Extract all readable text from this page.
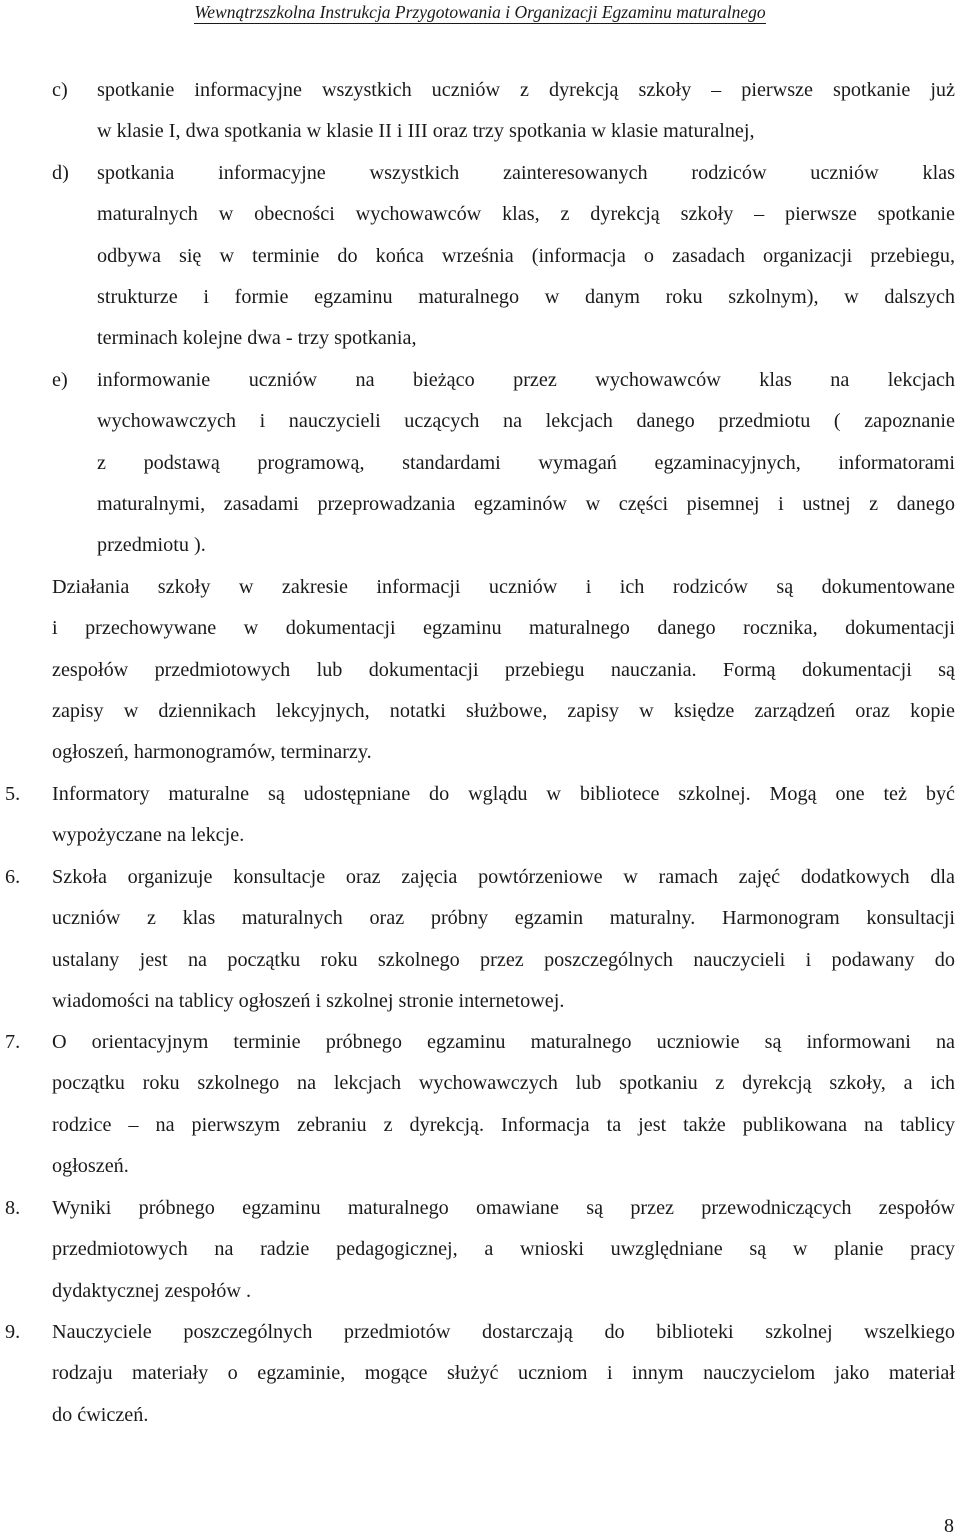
Wewnątrzszkolna Instrukcja Przygotowania i Organizacji Egzaminu maturalnego
c) spotkanie informacyjne wszystkich uczniów z dyrekcją szkoły – pierwsze spotkanie już
w klasie I, dwa spotkania w klasie II i III oraz trzy spotkania w klasie maturalnej,
d) spotkania informacyjne wszystkich zainteresowanych rodziców uczniów klas
maturalnych w obecności wychowawców klas, z dyrekcją szkoły – pierwsze spotkanie
odbywa się w terminie do końca września (informacja o zasadach organizacji przebiegu,
strukturze i formie egzaminu maturalnego w danym roku szkolnym), w dalszych
terminach kolejne dwa - trzy spotkania,
e) informowanie uczniów na bieżąco przez wychowawców klas na lekcjach
wychowawczych i nauczycieli uczących na lekcjach danego przedmiotu ( zapoznanie
z podstawą programową, standardami wymagań egzaminacyjnych, informatorami
maturalnymi, zasadami przeprowadzania egzaminów w części pisemnej i ustnej z danego
przedmiotu ).
Działania szkoły w zakresie informacji uczniów i ich rodziców są dokumentowane
i przechowywane w dokumentacji egzaminu maturalnego danego rocznika, dokumentacji
zespołów przedmiotowych lub dokumentacji przebiegu nauczania. Formą dokumentacji są
zapisy w dziennikach lekcyjnych, notatki służbowe, zapisy w księdze zarządzeń oraz kopie
ogłoszeń, harmonogramów, terminarzy.
5. Informatory maturalne są udostępniane do wglądu w bibliotece szkolnej. Mogą one też być
wypożyczane na lekcje.
6. Szkoła organizuje konsultacje oraz zajęcia powtórzeniowe w ramach zajęć dodatkowych dla
uczniów z klas maturalnych oraz próbny egzamin maturalny. Harmonogram konsultacji
ustalany jest na początku roku szkolnego przez poszczególnych nauczycieli i podawany do
wiadomości na tablicy ogłoszeń i szkolnej stronie internetowej.
7. O orientacyjnym terminie próbnego egzaminu maturalnego uczniowie są informowani na
początku roku szkolnego na lekcjach wychowawczych lub spotkaniu z dyrekcją szkoły, a ich
rodzice – na pierwszym zebraniu z dyrekcją. Informacja ta jest także publikowana na tablicy
ogłoszeń.
8. Wyniki próbnego egzaminu maturalnego omawiane są przez przewodniczących zespołów
przedmiotowych na radzie pedagogicznej, a wnioski uwzględniane są w planie pracy
dydaktycznej zespołów .
9. Nauczyciele poszczególnych przedmiotów dostarczają do biblioteki szkolnej wszelkiego
rodzaju materiały o egzaminie, mogące służyć uczniom i innym nauczycielom jako materiał
do ćwiczeń.
8
